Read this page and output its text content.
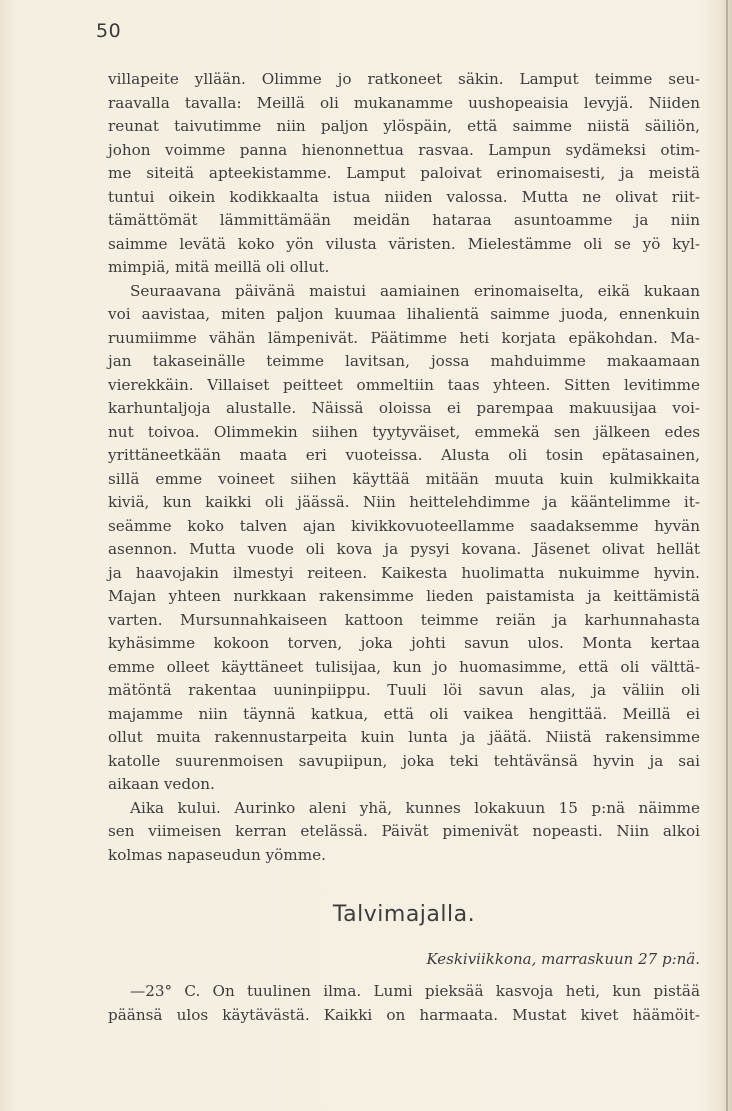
50
villapeite yllään. Olimme jo ratkoneet säkin. Lamput teimme seu-
raavalla tavalla: Meillä oli mukanamme uushopeaisia levyjä. Niiden
reunat taivutimme niin paljon ylöspäin, että saimme niistä säiliön,
johon voimme panna hienonnettua rasvaa. Lampun sydämeksi otim-
me siteitä apteekistamme. Lamput paloivat erinomaisesti, ja meistä
tuntui oikein kodikkaalta istua niiden valossa. Mutta ne olivat riit-
tämättömät lämmittämään meidän hataraa asuntoamme ja niin
saimme levätä koko yön vilusta väristen. Mielestämme oli se yö kyl-
mimpiä, mitä meillä oli ollut.
Seuraavana päivänä maistui aamiainen erinomaiselta, eikä kukaan
voi aavistaa, miten paljon kuumaa lihalientä saimme juoda, ennenkuin
ruumiimme vähän lämpenivät. Päätimme heti korjata epäkohdan. Ma-
jan takaseinälle teimme lavitsan, jossa mahduimme makaamaan
vierekkäin. Villaiset peitteet ommeltiin taas yhteen. Sitten levitimme
karhuntaljoja alustalle. Näissä oloissa ei parempaa makuusijaa voi-
nut toivoa. Olimmekin siihen tyytyväiset, emmekä sen jälkeen edes
yrittäneetkään maata eri vuoteissa. Alusta oli tosin epätasainen,
sillä emme voineet siihen käyttää mitään muuta kuin kulmikkaita
kiviä, kun kaikki oli jäässä. Niin heittelehdimme ja kääntelimme it-
seämme koko talven ajan kivikkovuoteellamme saadaksemme hyvän
asennon. Mutta vuode oli kova ja pysyi kovana. Jäsenet olivat hellät
ja haavojakin ilmestyi reiteen. Kaikesta huolimatta nukuimme hyvin.
Majan yhteen nurkkaan rakensimme lieden paistamista ja keittämistä
varten. Mursunnahkaiseen kattoon teimme reiän ja karhunnahasta
kyhäsimme kokoon torven, joka johti savun ulos. Monta kertaa
emme olleet käyttäneet tulisijaa, kun jo huomasimme, että oli välttä-
mätöntä rakentaa uuninpiippu. Tuuli löi savun alas, ja väliin oli
majamme niin täynnä katkua, että oli vaikea hengittää. Meillä ei
ollut muita rakennustarpeita kuin lunta ja jäätä. Niistä rakensimme
katolle suurenmoisen savupiipun, joka teki tehtävänsä hyvin ja sai
aikaan vedon.
Aika kului. Aurinko aleni yhä, kunnes lokakuun 15 p:nä näimme
sen viimeisen kerran etelässä. Päivät pimenivät nopeasti. Niin alkoi
kolmas napaseudun yömme.
Talvimajalla.
Keskiviikkona, marraskuun 27 p:nä.
—23° C. On tuulinen ilma. Lumi pieksää kasvoja heti, kun pistää
päänsä ulos käytävästä. Kaikki on harmaata. Mustat kivet häämöit-
